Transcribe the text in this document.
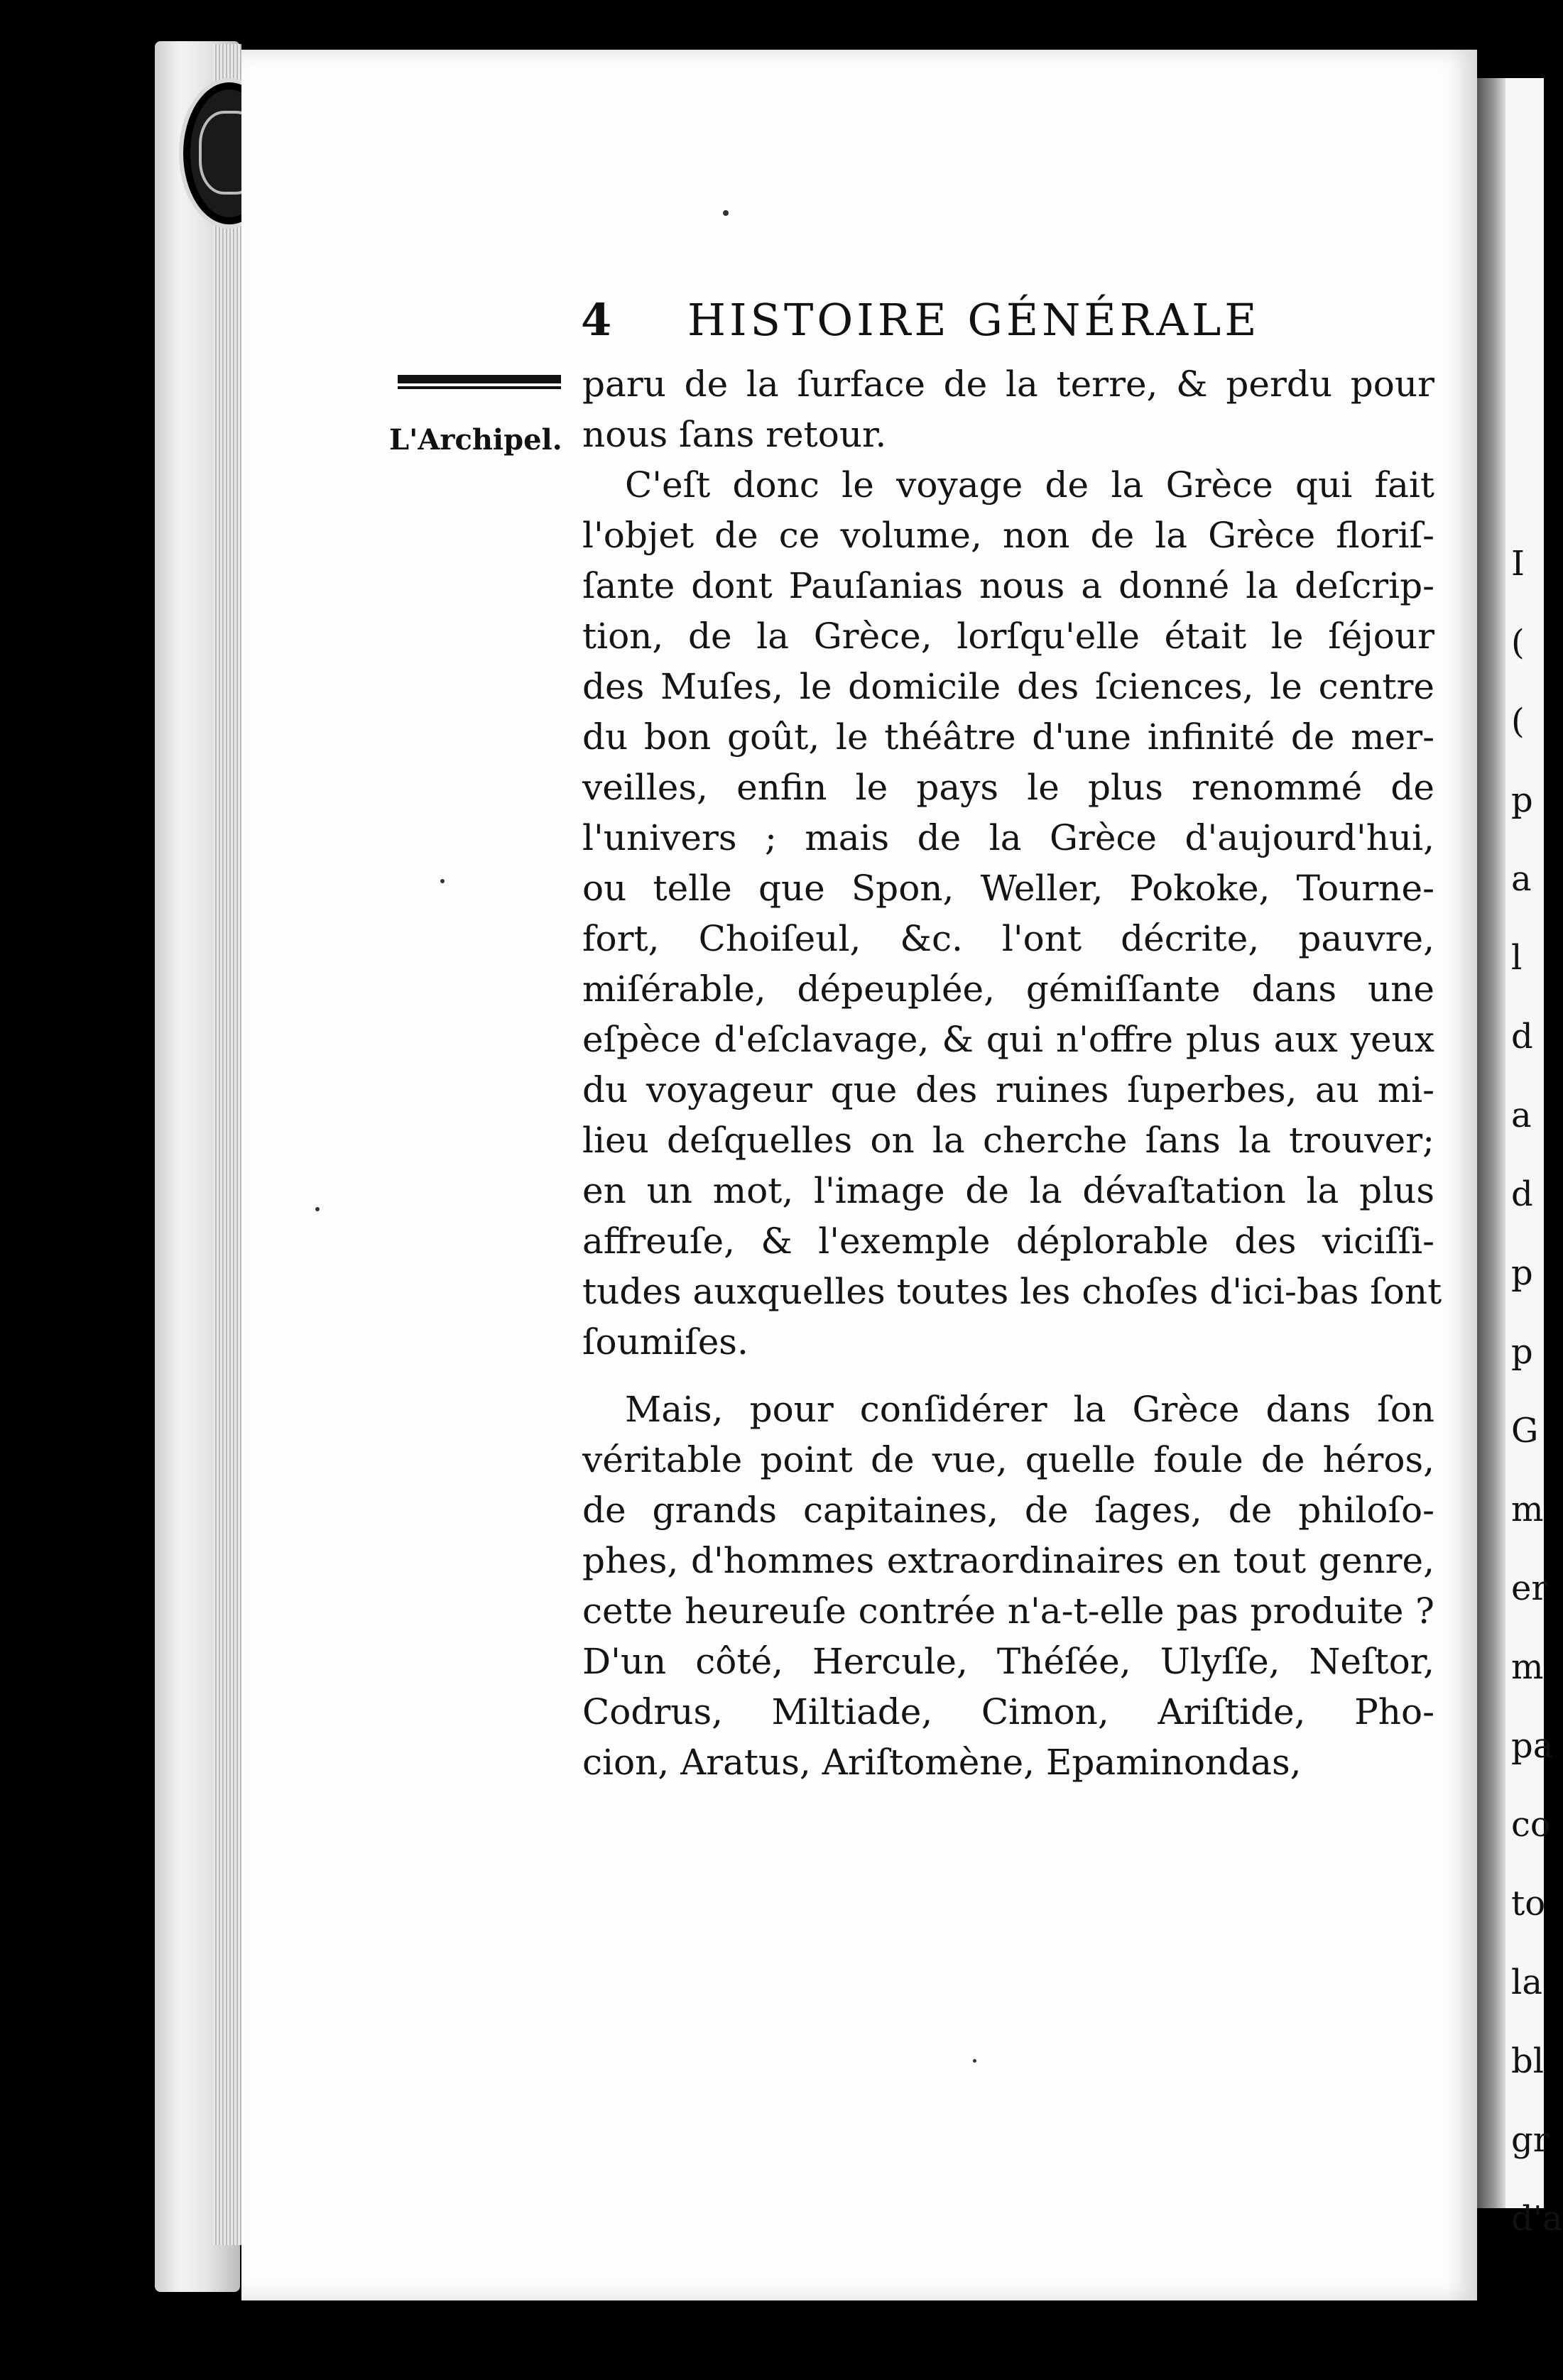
I
(
(
p
a
l
d
a
d
p
p
G
m
er
m
pa
co
to
la
bl
gr
d'a
4 HISTOIRE GÉNÉRALE
L'Archipel.
paru de la ſurface de la terre, & perdu pour
nous ſans retour.
C'eſt donc le voyage de la Grèce qui fait
l'objet de ce volume, non de la Grèce floriſ-
ſante dont Pauſanias nous a donné la deſcrip-
tion, de la Grèce, lorſqu'elle était le ſéjour
des Muſes, le domicile des ſciences, le centre
du bon goût, le théâtre d'une infinité de mer-
veilles, enfin le pays le plus renommé de
l'univers ; mais de la Grèce d'aujourd'hui,
ou telle que Spon, Weller, Pokoke, Tourne-
fort, Choiſeul, &c. l'ont décrite, pauvre,
miſérable, dépeuplée, gémiſſante dans une
eſpèce d'eſclavage, & qui n'offre plus aux yeux
du voyageur que des ruines ſuperbes, au mi-
lieu deſquelles on la cherche ſans la trouver;
en un mot, l'image de la dévaſtation la plus
affreuſe, & l'exemple déplorable des viciſſi-
tudes auxquelles toutes les choſes d'ici-bas ſont
ſoumiſes.
Mais, pour conſidérer la Grèce dans ſon
véritable point de vue, quelle foule de héros,
de grands capitaines, de ſages, de philoſo-
phes, d'hommes extraordinaires en tout genre,
cette heureuſe contrée n'a-t-elle pas produite ?
D'un côté, Hercule, Théſée, Ulyſſe, Neſtor,
Codrus, Miltiade, Cimon, Ariſtide, Pho-
cion, Aratus, Ariſtomène, Epaminondas,
